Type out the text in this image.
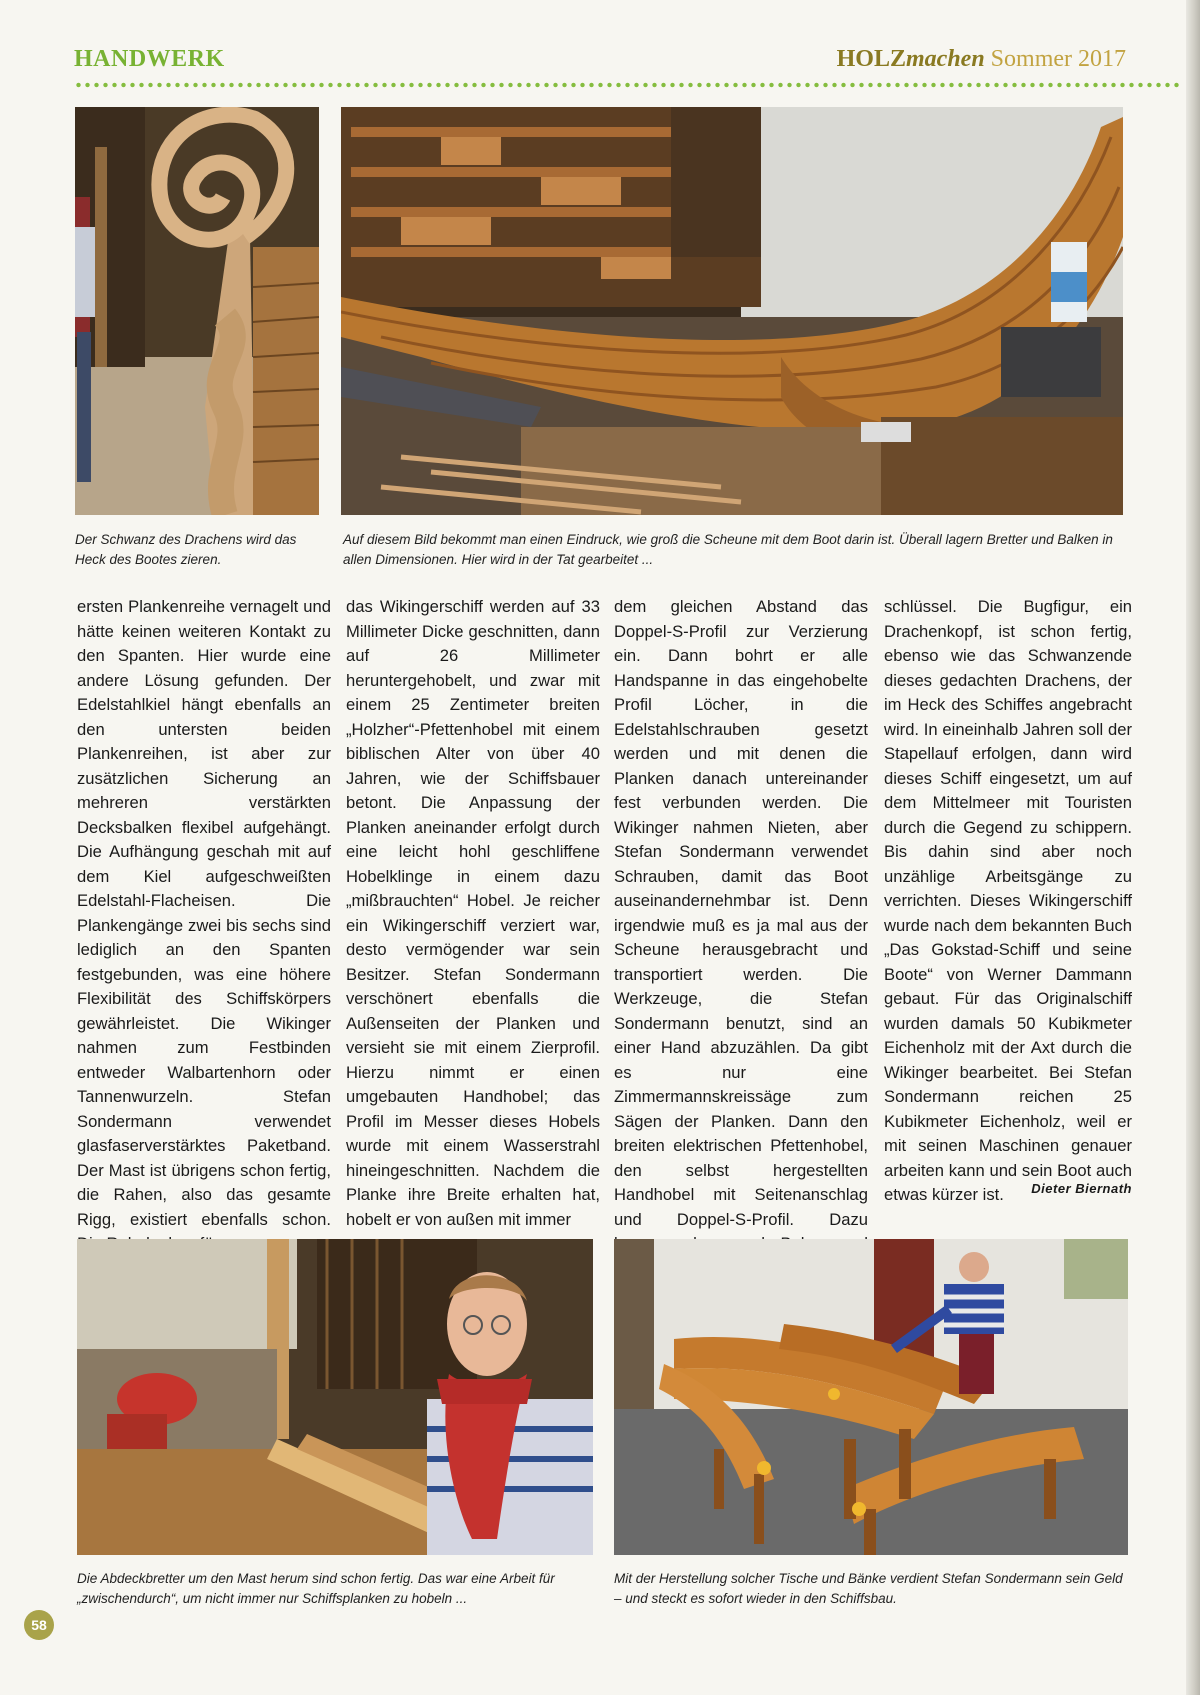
HANDWERK	HOLZmachen Sommer 2017
Der Schwanz des Drachens wird das Heck des Bootes zieren.
Auf diesem Bild bekommt man einen Eindruck, wie groß die Scheune mit dem Boot darin ist. Überall lagern Bretter und Balken in allen Dimensionen. Hier wird in der Tat gearbeitet ...

ersten Plankenreihe vernagelt und hätte keinen weiteren Kontakt zu den Spanten. Hier wurde eine andere Lösung gefunden. Der Edelstahlkiel hängt ebenfalls an den untersten beiden Plankenreihen, ist aber zur zusätzlichen Sicherung an mehreren verstärkten Decksbalken flexibel aufgehängt. Die Aufhängung geschah mit auf dem Kiel aufgeschweißten Edelstahl-Flacheisen. Die Plankengänge zwei bis sechs sind lediglich an den Spanten festgebunden, was eine höhere Flexibilität des Schiffskörpers gewährleistet. Die Wikinger nahmen zum Festbinden entweder Walbartenhorn oder Tannenwurzeln. Stefan Sondermann verwendet glasfaserverstärktes Paketband. Der Mast ist übrigens schon fertig, die Rahen, also das gesamte Rigg, existiert ebenfalls schon.

das Wikingerschiff werden auf 33 Millimeter Dicke geschnitten, dann auf 26 Millimeter heruntergehobelt, und zwar mit einem 25 Zentimeter breiten „Holzher“-Pfettenhobel mit einem biblischen Alter von über 40 Jahren, wie der Schiffsbauer betont. Die Anpassung der Planken aneinander erfolgt durch eine leicht hohl geschliffene Hobelklinge in einem dazu „mißbrauchten“ Hobel. Je reicher ein Wikingerschiff verziert war, desto vermögender war sein Besitzer. Stefan Sondermann verschönert ebenfalls die Außenseiten der Planken und versieht sie mit einem Zierprofil. Hierzu nimmt er einen umgebauten Handhobel; das Profil im Messer dieses Hobels wurde mit einem Wasserstrahl hineingeschnitten. Nachdem die Planke ihre Breite erhalten hat, hobelt er von außen mit immer

dem gleichen Abstand das Doppel-S-Profil zur Verzierung ein. Dann bohrt er alle Handspanne in das eingehobelte Profil Löcher, in die Edelstahlschrauben gesetzt werden und mit denen die Planken danach untereinander fest verbunden werden. Die Wikinger nahmen Nieten, aber Stefan Sondermann verwendet Schrauben, damit das Boot auseinandernehmbar ist. Denn irgendwie muß es ja mal aus der Scheune herausgebracht und transportiert werden. Die Werkzeuge, die Stefan Sondermann benutzt, sind an einer Hand abzuzählen. Da gibt es nur eine Zimmermannskreissäge zum Sägen der Planken. Dann den breiten elektrischen Pfettenhobel, den selbst hergestellten Handhobel mit Seitenanschlag und Doppel-S-Profil. Dazu

schlüssel. Die Bugfigur, ein Drachenkopf, ist schon fertig, ebenso wie das Schwanzende dieses gedachten Drachens, der im Heck des Schiffes angebracht wird. In eineinhalb Jahren soll der Stapellauf erfolgen, dann wird dieses Schiff eingesetzt, um auf dem Mittelmeer mit Touristen durch die Gegend zu schippern. Bis dahin sind aber noch unzählige Arbeitsgänge zu verrichten. Dieses Wikingerschiff wurde nach dem bekannten Buch „Das Gokstad-Schiff und seine Boote“ von Werner Dammann gebaut. Für das Originalschiff wurden damals 50 Kubikmeter Eichenholz mit der Axt durch die Wikinger bearbeitet. Bei Stefan Sondermann reichen 25 Kubikmeter Eichenholz, weil er mit seinen Maschinen genauer arbeiten kann und sein Boot auch etwas kürzer ist.	Dieter Biernath
Die Abdeckbretter um den Mast herum sind schon fertig. Das war eine Arbeit für „zwischendurch“, um nicht immer nur Schiffsplanken zu hobeln ...
Mit der Herstellung solcher Tische und Bänke verdient Stefan Sondermann sein Geld – und steckt es sofort wieder in den Schiffsbau.
58
